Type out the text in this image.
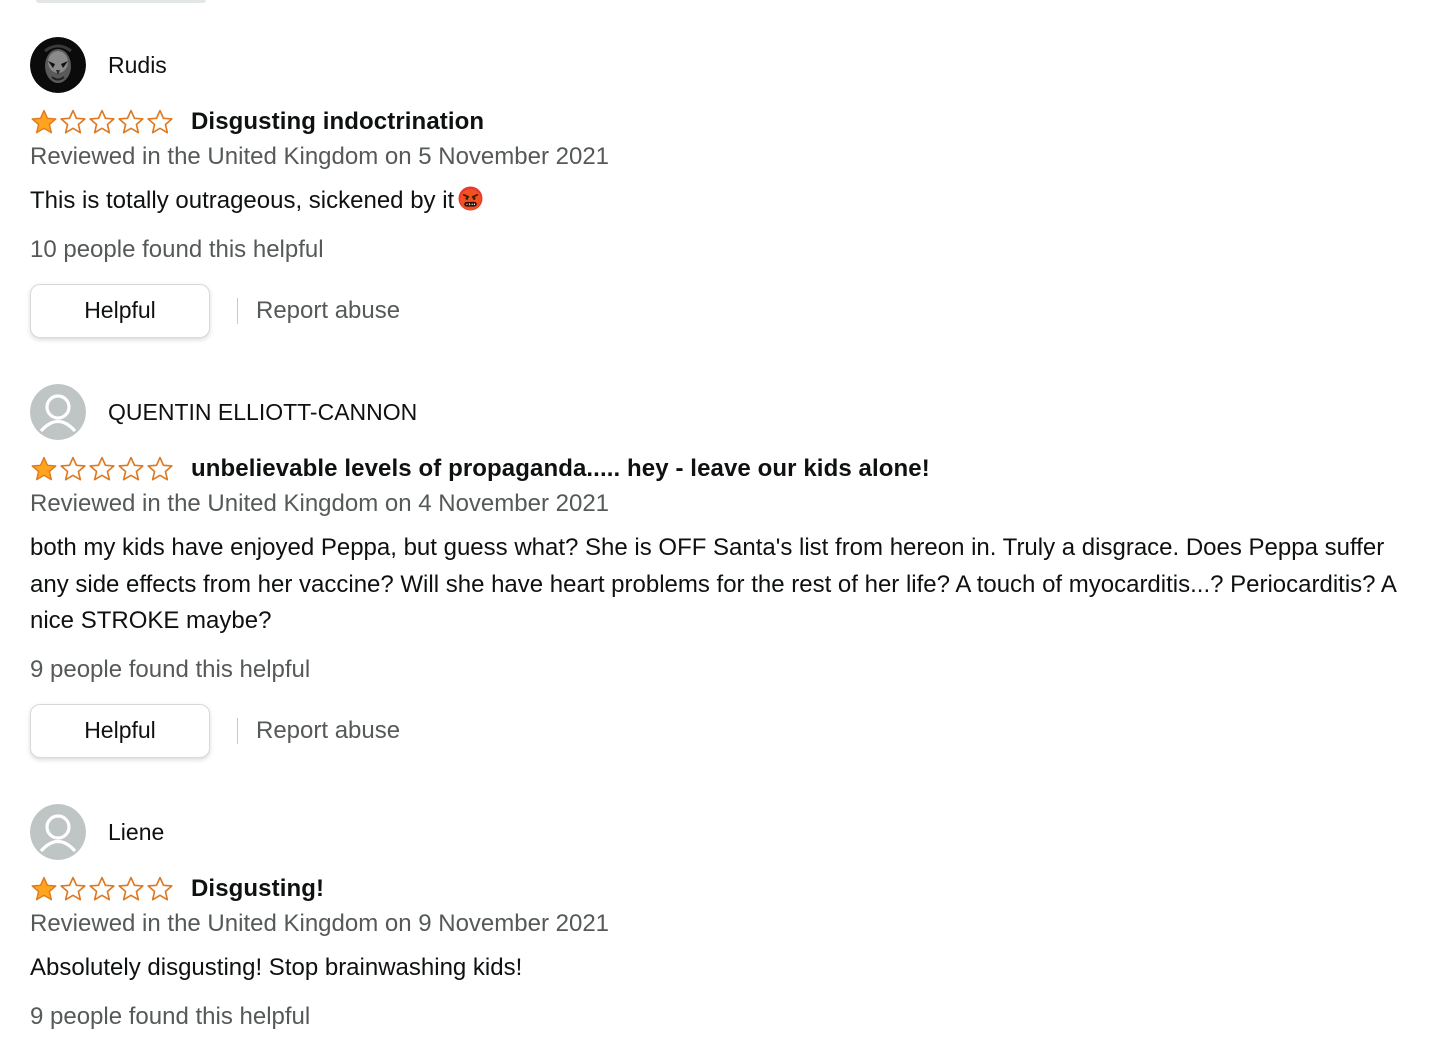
Rudis
Disgusting indoctrination
Reviewed in the United Kingdom on 5 November 2021
This is totally outrageous, sickened by it
10 people found this helpful
Helpful	Report abuse
QUENTIN ELLIOTT-CANNON
unbelievable levels of propaganda..... hey - leave our kids alone!
Reviewed in the United Kingdom on 4 November 2021
both my kids have enjoyed Peppa, but guess what? She is OFF Santa's list from hereon in. Truly a disgrace. Does Peppa suffer any side effects from her vaccine? Will she have heart problems for the rest of her life? A touch of myocarditis...? Periocarditis? A nice STROKE maybe?
9 people found this helpful
Helpful	Report abuse
Liene
Disgusting!
Reviewed in the United Kingdom on 9 November 2021
Absolutely disgusting! Stop brainwashing kids!
9 people found this helpful
